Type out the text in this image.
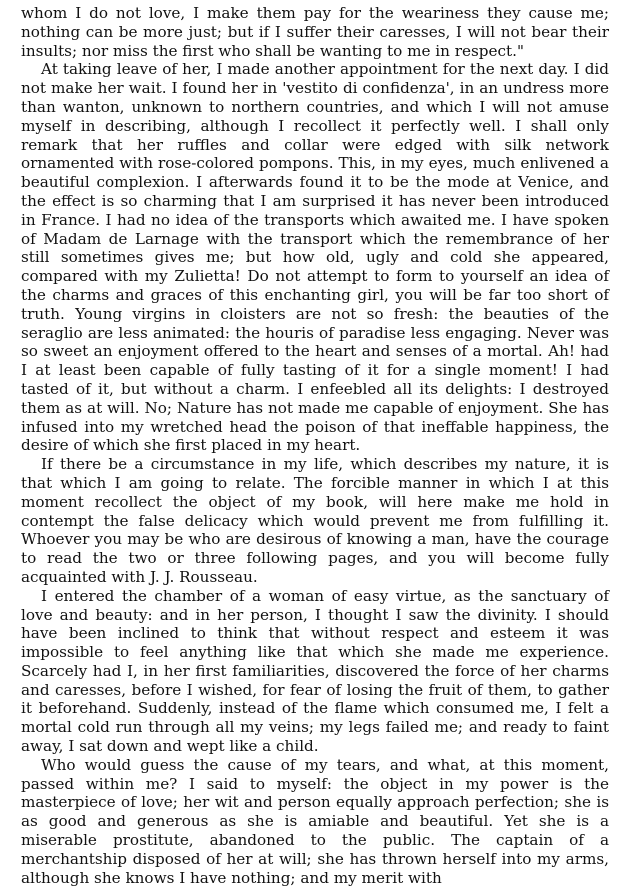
whom I do not love, I make them pay for the weariness they cause me; nothing can be more just; but if I suffer their caresses, I will not bear their insults; nor miss the first who shall be wanting to me in respect."

At taking leave of her, I made another appointment for the next day. I did not make her wait. I found her in 'vestito di confidenza', in an undress more than wanton, unknown to northern countries, and which I will not amuse myself in describing, although I recollect it perfectly well. I shall only remark that her ruffles and collar were edged with silk network ornamented with rose-colored pompons. This, in my eyes, much enlivened a beautiful complexion. I afterwards found it to be the mode at Venice, and the effect is so charming that I am surprised it has never been introduced in France. I had no idea of the transports which awaited me. I have spoken of Madam de Larnage with the transport which the remembrance of her still sometimes gives me; but how old, ugly and cold she appeared, compared with my Zulietta! Do not attempt to form to yourself an idea of the charms and graces of this enchanting girl, you will be far too short of truth. Young virgins in cloisters are not so fresh: the beauties of the seraglio are less animated: the houris of paradise less engaging. Never was so sweet an enjoyment offered to the heart and senses of a mortal. Ah! had I at least been capable of fully tasting of it for a single moment! I had tasted of it, but without a charm. I enfeebled all its delights: I destroyed them as at will. No; Nature has not made me capable of enjoyment. She has infused into my wretched head the poison of that ineffable happiness, the desire of which she first placed in my heart.

If there be a circumstance in my life, which describes my nature, it is that which I am going to relate. The forcible manner in which I at this moment recollect the object of my book, will here make me hold in contempt the false delicacy which would prevent me from fulfilling it. Whoever you may be who are desirous of knowing a man, have the courage to read the two or three following pages, and you will become fully acquainted with J. J. Rousseau.

I entered the chamber of a woman of easy virtue, as the sanctuary of love and beauty: and in her person, I thought I saw the divinity. I should have been inclined to think that without respect and esteem it was impossible to feel anything like that which she made me experience. Scarcely had I, in her first familiarities, discovered the force of her charms and caresses, before I wished, for fear of losing the fruit of them, to gather it beforehand. Suddenly, instead of the flame which consumed me, I felt a mortal cold run through all my veins; my legs failed me; and ready to faint away, I sat down and wept like a child.

Who would guess the cause of my tears, and what, at this moment, passed within me? I said to myself: the object in my power is the masterpiece of love; her wit and person equally approach perfection; she is as good and generous as she is amiable and beautiful. Yet she is a miserable prostitute, abandoned to the public. The captain of a merchantship disposed of her at will; she has thrown herself into my arms, although she knows I have nothing; and my merit with
